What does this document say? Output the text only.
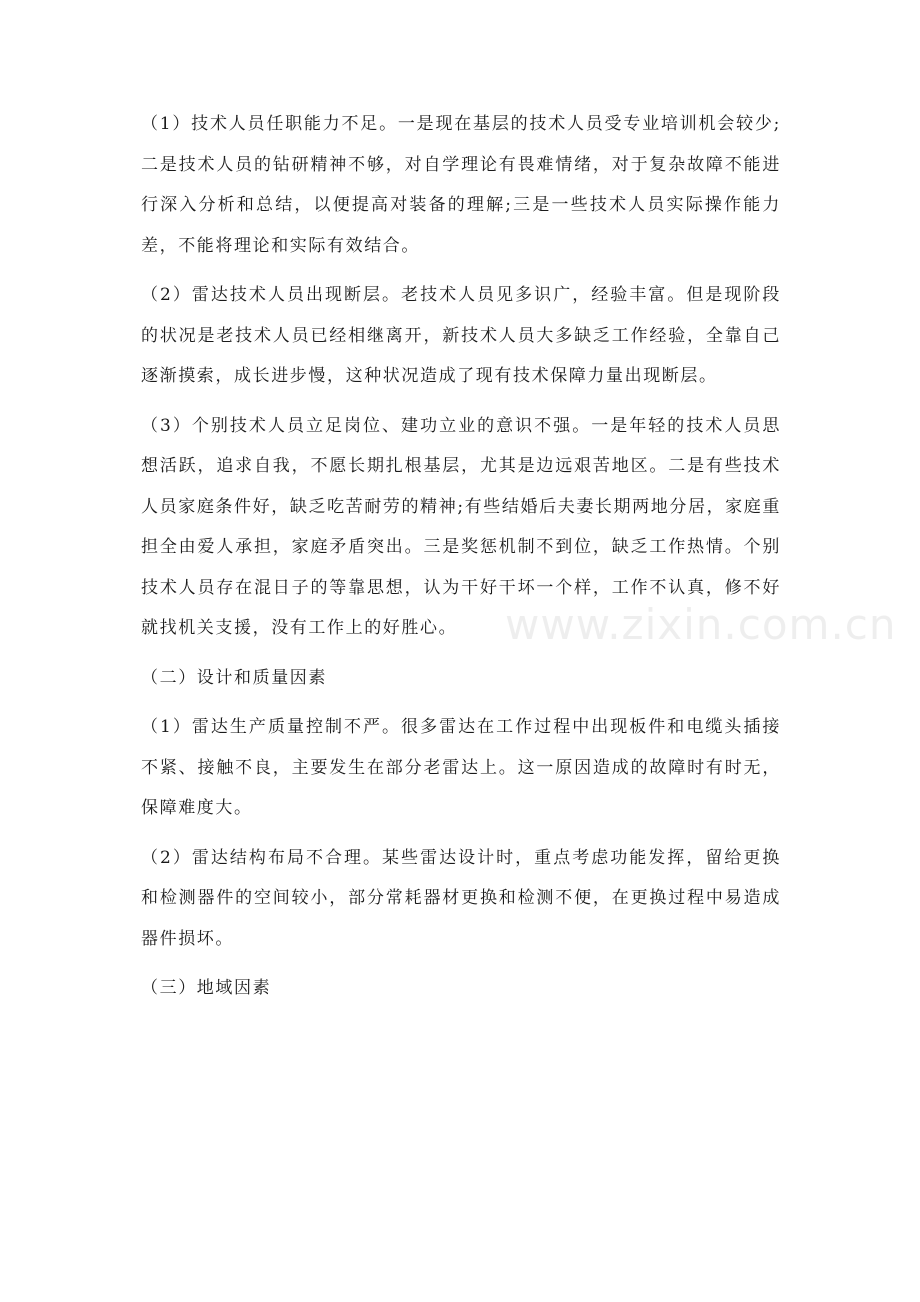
（1）技术人员任职能力不足。一是现在基层的技术人员受专业培训机会较少;二是技术人员的钻研精神不够，对自学理论有畏难情绪，对于复杂故障不能进行深入分析和总结，以便提高对装备的理解;三是一些技术人员实际操作能力差，不能将理论和实际有效结合。

（2）雷达技术人员出现断层。老技术人员见多识广，经验丰富。但是现阶段的状况是老技术人员已经相继离开，新技术人员大多缺乏工作经验，全靠自己逐渐摸索，成长进步慢，这种状况造成了现有技术保障力量出现断层。

（3）个别技术人员立足岗位、建功立业的意识不强。一是年轻的技术人员思想活跃，追求自我，不愿长期扎根基层，尤其是边远艰苦地区。二是有些技术人员家庭条件好，缺乏吃苦耐劳的精神;有些结婚后夫妻长期两地分居，家庭重担全由爱人承担，家庭矛盾突出。三是奖惩机制不到位，缺乏工作热情。个别技术人员存在混日子的等靠思想，认为干好干坏一个样，工作不认真，修不好就找机关支援，没有工作上的好胜心。

（二）设计和质量因素

（1）雷达生产质量控制不严。很多雷达在工作过程中出现板件和电缆头插接不紧、接触不良，主要发生在部分老雷达上。这一原因造成的故障时有时无，保障难度大。

（2）雷达结构布局不合理。某些雷达设计时，重点考虑功能发挥，留给更换和检测器件的空间较小，部分常耗器材更换和检测不便，在更换过程中易造成器件损坏。

（三）地域因素

www.zixin.com.cn
